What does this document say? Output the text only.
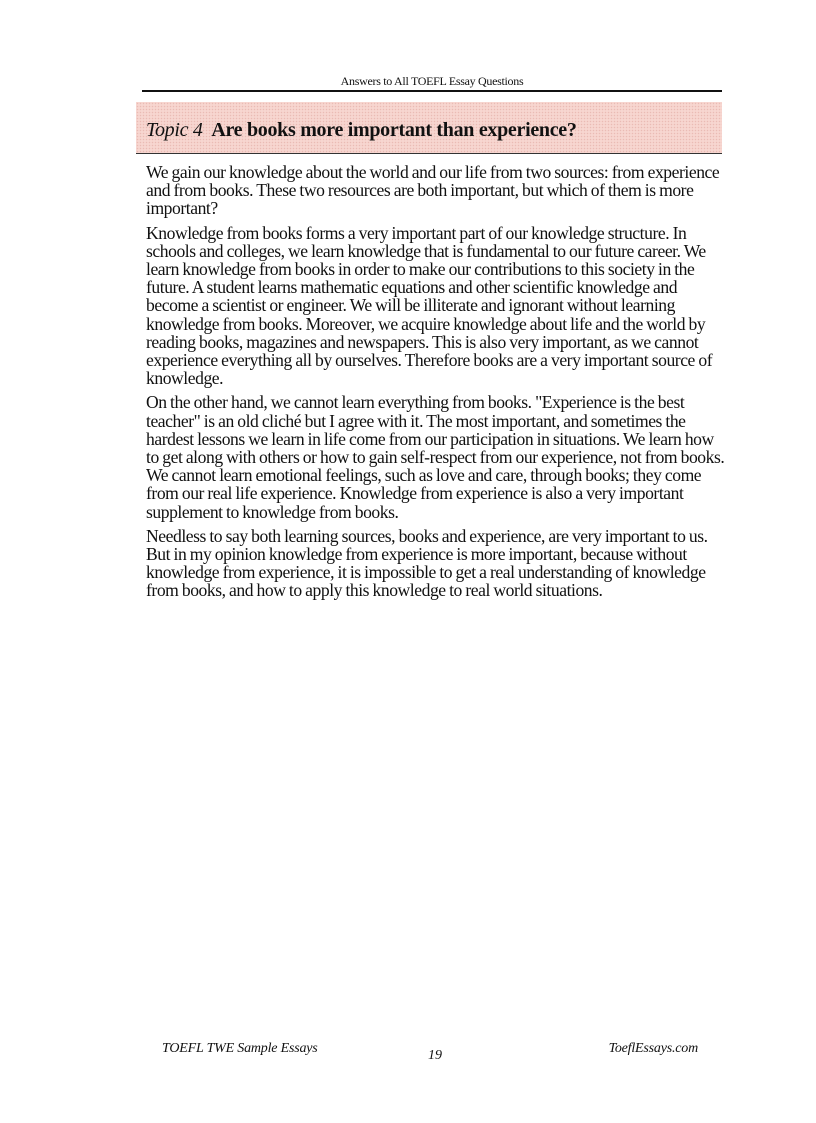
Answers to All TOEFL Essay Questions
Topic 4 Are books more important than experience?

We gain our knowledge about the world and our life from two sources: from experience and from books. These two resources are both important, but which of them is more important?

Knowledge from books forms a very important part of our knowledge structure. In schools and colleges, we learn knowledge that is fundamental to our future career. We learn knowledge from books in order to make our contributions to this society in the future. A student learns mathematic equations and other scientific knowledge and become a scientist or engineer. We will be illiterate and ignorant without learning knowledge from books. Moreover, we acquire knowledge about life and the world by reading books, magazines and newspapers. This is also very important, as we cannot experience everything all by ourselves. Therefore books are a very important source of knowledge.

On the other hand, we cannot learn everything from books. "Experience is the best teacher" is an old cliché but I agree with it. The most important, and sometimes the hardest lessons we learn in life come from our participation in situations. We learn how to get along with others or how to gain self-respect from our experience, not from books. We cannot learn emotional feelings, such as love and care, through books; they come from our real life experience. Knowledge from experience is also a very important supplement to knowledge from books.

Needless to say both learning sources, books and experience, are very important to us. But in my opinion knowledge from experience is more important, because without knowledge from experience, it is impossible to get a real understanding of knowledge from books, and how to apply this knowledge to real world situations.

TOEFL TWE Sample Essays	19	ToeflEssays.com
